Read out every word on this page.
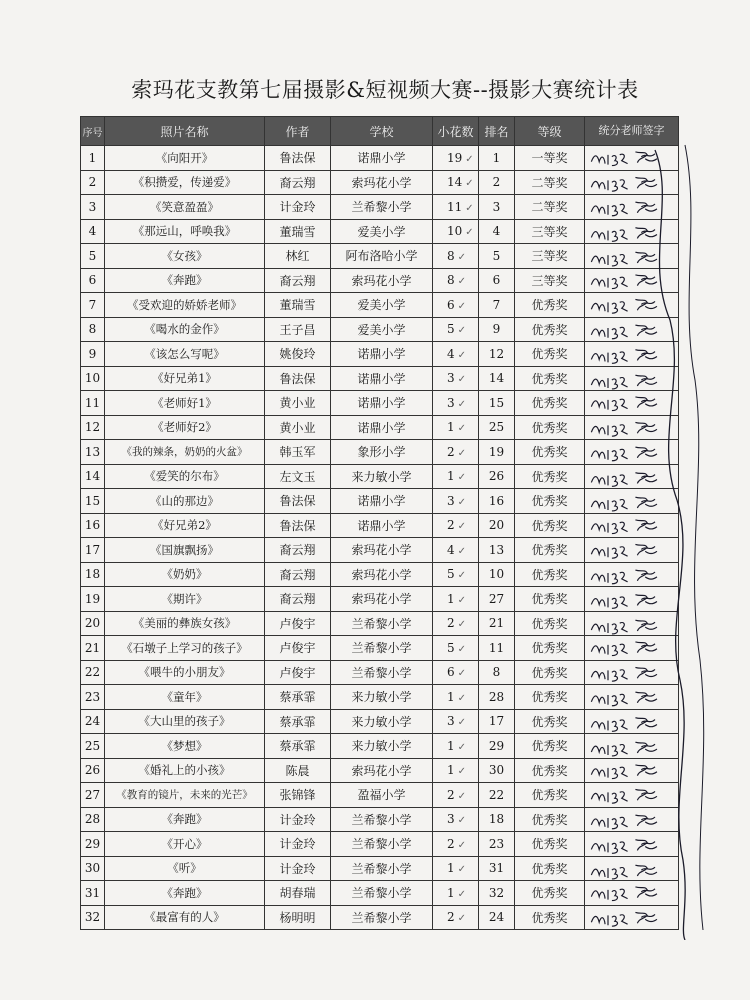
索玛花支教第七届摄影&短视频大赛--摄影大赛统计表
序号	照片名称	作者	学校	小花数	排名	等级	统分老师签字
1	《向阳开》	鲁法保	诺鼎小学	19 ✓	1	一等奖	

2	《积攒爱，传递爱》	裔云翔	索玛花小学	14 ✓	2	二等奖	

3	《笑意盈盈》	计金玲	兰希黎小学	11 ✓	3	二等奖	

4	《那远山，呼唤我》	董瑞雪	爱美小学	10 ✓	4	三等奖	

5	《女孩》	林红	阿布洛哈小学	8 ✓	5	三等奖	

6	《奔跑》	裔云翔	索玛花小学	8 ✓	6	三等奖	

7	《受欢迎的娇娇老师》	董瑞雪	爱美小学	6 ✓	7	优秀奖	

8	《喝水的金作》	王子昌	爱美小学	5 ✓	9	优秀奖	

9	《该怎么写呢》	姚俊玲	诺鼎小学	4 ✓	12	优秀奖	

10	《好兄弟1》	鲁法保	诺鼎小学	3 ✓	14	优秀奖	

11	《老师好1》	黄小业	诺鼎小学	3 ✓	15	优秀奖	

12	《老师好2》	黄小业	诺鼎小学	1 ✓	25	优秀奖	

13	《我的辣条，奶奶的火盆》	韩玉军	象形小学	2 ✓	19	优秀奖	

14	《爱笑的尔布》	左文玉	来力敏小学	1 ✓	26	优秀奖	

15	《山的那边》	鲁法保	诺鼎小学	3 ✓	16	优秀奖	

16	《好兄弟2》	鲁法保	诺鼎小学	2 ✓	20	优秀奖	

17	《国旗飘扬》	裔云翔	索玛花小学	4 ✓	13	优秀奖	

18	《奶奶》	裔云翔	索玛花小学	5 ✓	10	优秀奖	

19	《期许》	裔云翔	索玛花小学	1 ✓	27	优秀奖	

20	《美丽的彝族女孩》	卢俊宇	兰希黎小学	2 ✓	21	优秀奖	

21	《石墩子上学习的孩子》	卢俊宇	兰希黎小学	5 ✓	11	优秀奖	

22	《喂牛的小朋友》	卢俊宇	兰希黎小学	6 ✓	8	优秀奖	

23	《童年》	蔡承霏	来力敏小学	1 ✓	28	优秀奖	

24	《大山里的孩子》	蔡承霏	来力敏小学	3 ✓	17	优秀奖	

25	《梦想》	蔡承霏	来力敏小学	1 ✓	29	优秀奖	

26	《婚礼上的小孩》	陈晨	索玛花小学	1 ✓	30	优秀奖	

27	《教育的镜片，未来的光芒》	张锦锋	盈福小学	2 ✓	22	优秀奖	

28	《奔跑》	计金玲	兰希黎小学	3 ✓	18	优秀奖	

29	《开心》	计金玲	兰希黎小学	2 ✓	23	优秀奖	

30	《听》	计金玲	兰希黎小学	1 ✓	31	优秀奖	

31	《奔跑》	胡春瑞	兰希黎小学	1 ✓	32	优秀奖	

32	《最富有的人》	杨明明	兰希黎小学	2 ✓	24	优秀奖	
